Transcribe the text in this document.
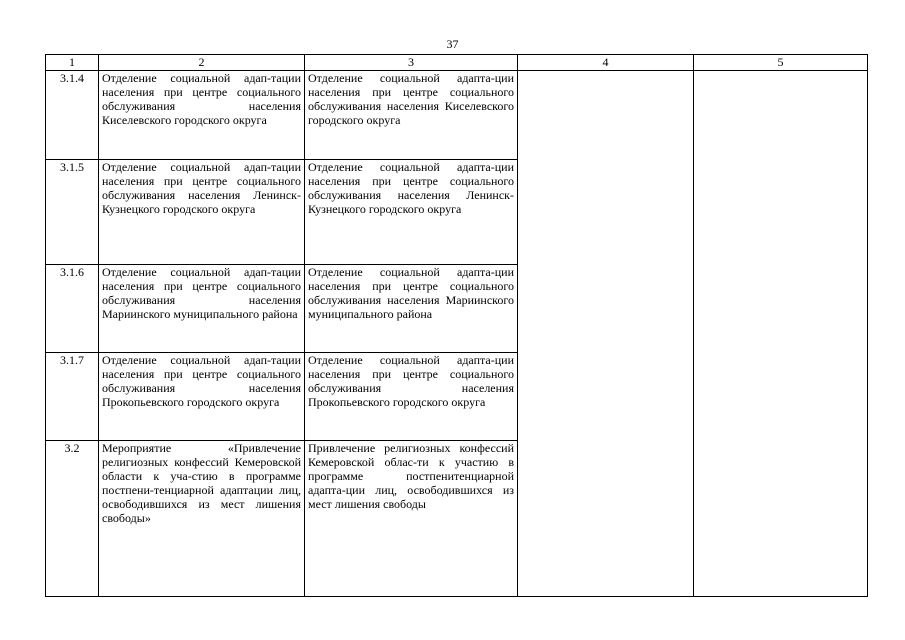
37
1	2	3	4	5
3.1.4	Отделение социальной адап-тации населения при центре социального обслуживания населения Киселевского городского округа	Отделение социальной адапта-ции населения при центре социального обслуживания населения Киселевского городского округа		
3.1.5	Отделение социальной адап-тации населения при центре социального обслуживания населения Ленинск-Кузнецкого городского округа	Отделение социальной адапта-ции населения при центре социального обслуживания населения Ленинск-Кузнецкого городского округа		
3.1.6	Отделение социальной адап-тации населения при центре социального обслуживания населения Мариинского муниципального района	Отделение социальной адапта-ции населения при центре социального обслуживания населения Мариинского муниципального района		
3.1.7	Отделение социальной адап-тации населения при центре социального обслуживания населения Прокопьевского городского округа	Отделение социальной адапта-ции населения при центре социального обслуживания населения Прокопьевского городского округа		
3.2	Мероприятие «Привлечение религиозных конфессий Кемеровской области к уча-стию в программе постпени-тенциарной адаптации лиц, освободившихся из мест лишения свободы»	Привлечение религиозных конфессий Кемеровской облас-ти к участию в программе постпенитенциарной адапта-ции лиц, освободившихся из мест лишения свободы		
